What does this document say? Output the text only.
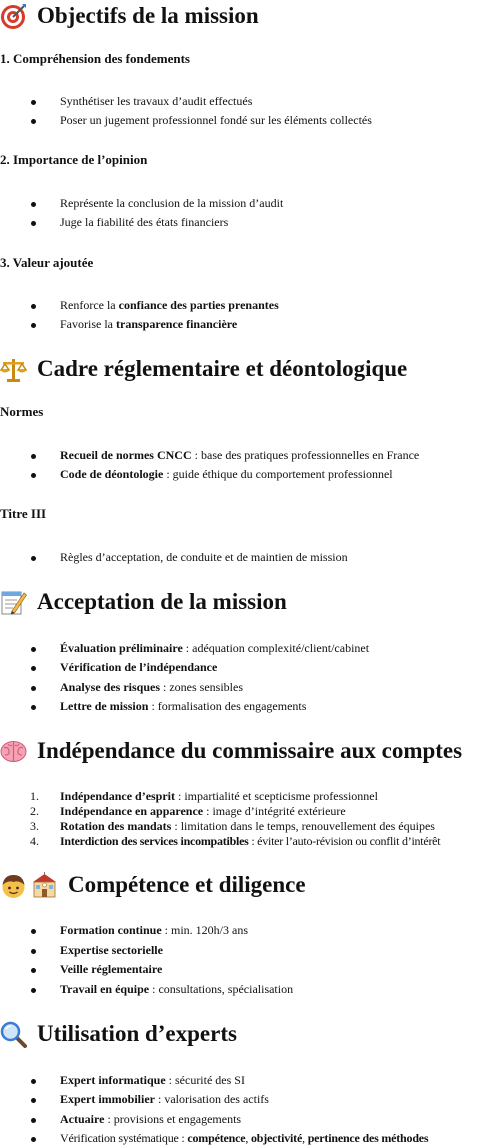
Objectifs de la mission
1. Compréhension des fondements
Synthétiser les travaux d’audit effectués
Poser un jugement professionnel fondé sur les éléments collectés
2. Importance de l’opinion
Représente la conclusion de la mission d’audit
Juge la fiabilité des états financiers
3. Valeur ajoutée
Renforce la confiance des parties prenantes
Favorise la transparence financière
Cadre réglementaire et déontologique
Normes
Recueil de normes CNCC : base des pratiques professionnelles en France
Code de déontologie : guide éthique du comportement professionnel
Titre III
Règles d’acceptation, de conduite et de maintien de mission
Acceptation de la mission
Évaluation préliminaire : adéquation complexité/client/cabinet
Vérification de l’indépendance
Analyse des risques : zones sensibles
Lettre de mission : formalisation des engagements
Indépendance du commissaire aux comptes
1. Indépendance d’esprit : impartialité et scepticisme professionnel
2. Indépendance en apparence : image d’intégrité extérieure
3. Rotation des mandats : limitation dans le temps, renouvellement des équipes
4. Interdiction des services incompatibles : éviter l’auto-révision ou conflit d’intérêt
Compétence et diligence
Formation continue : min. 120h/3 ans
Expertise sectorielle
Veille réglementaire
Travail en équipe : consultations, spécialisation
Utilisation d’experts
Expert informatique : sécurité des SI
Expert immobilier : valorisation des actifs
Actuaire : provisions et engagements
Vérification systématique : compétence, objectivité, pertinence des méthodes
